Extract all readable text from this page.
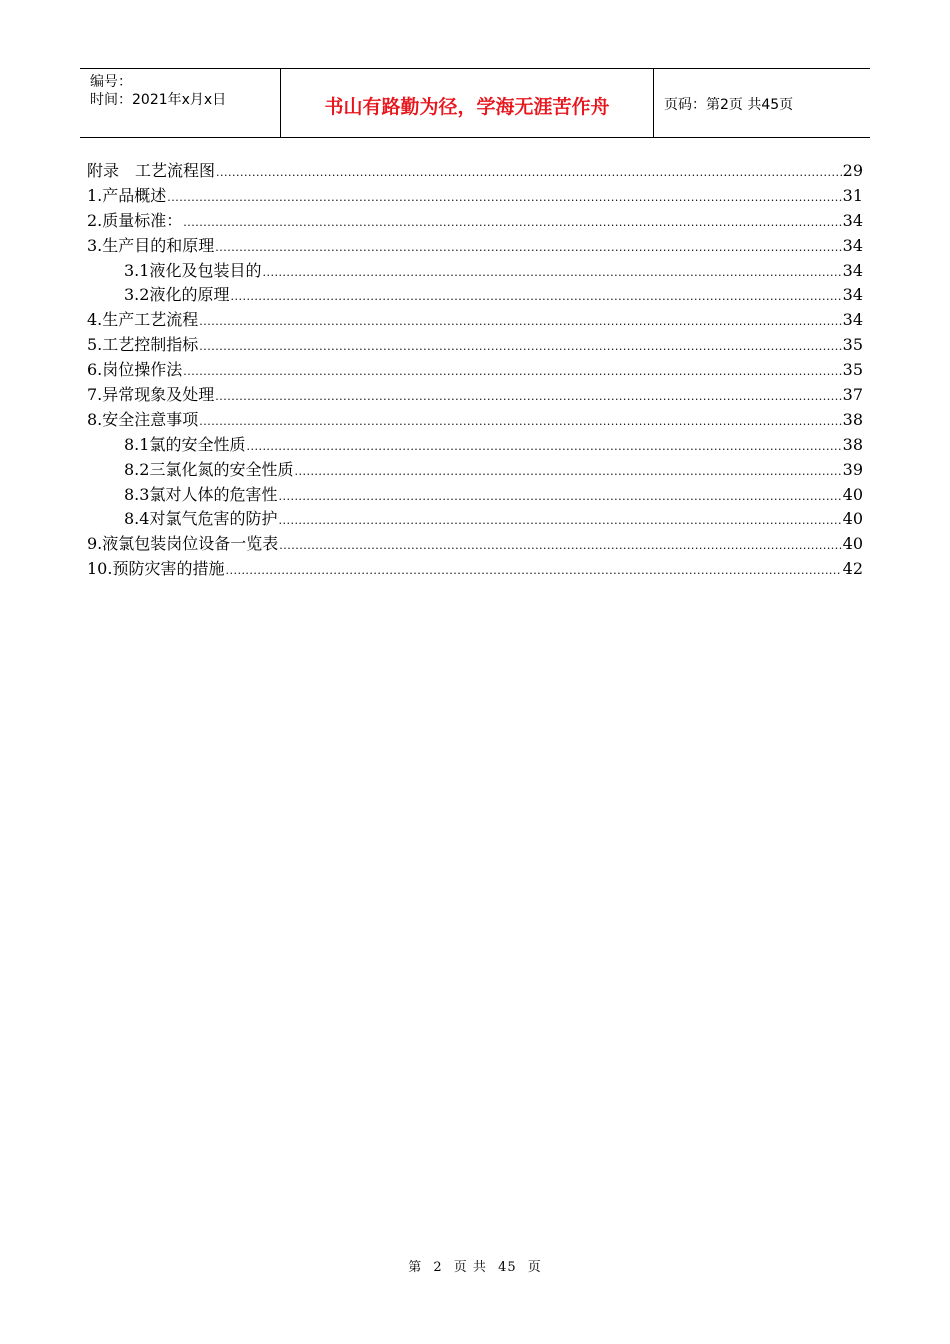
编号：
时间：2021年x月x日	书山有路勤为径，学海无涯苦作舟	页码：第2页 共45页
附录　工艺流程图 .....	29
1.产品概述 .....	31
2.质量标准： .....	34
3.生产目的和原理 .....	34
3.1液化及包装目的 .....	34
3.2液化的原理 .....	34
4.生产工艺流程 .....	34
5.工艺控制指标 .....	35
6.岗位操作法 .....	35
7.异常现象及处理 .....	37
8.安全注意事项 .....	38
8.1氯的安全性质 .....	38
8.2三氯化氮的安全性质 .....	39
8.3氯对人体的危害性 .....	40
8.4对氯气危害的防护 .....	40
9.液氯包装岗位设备一览表 .....	40
10.预防灾害的措施 .....	42
第 2 页 共 45 页
